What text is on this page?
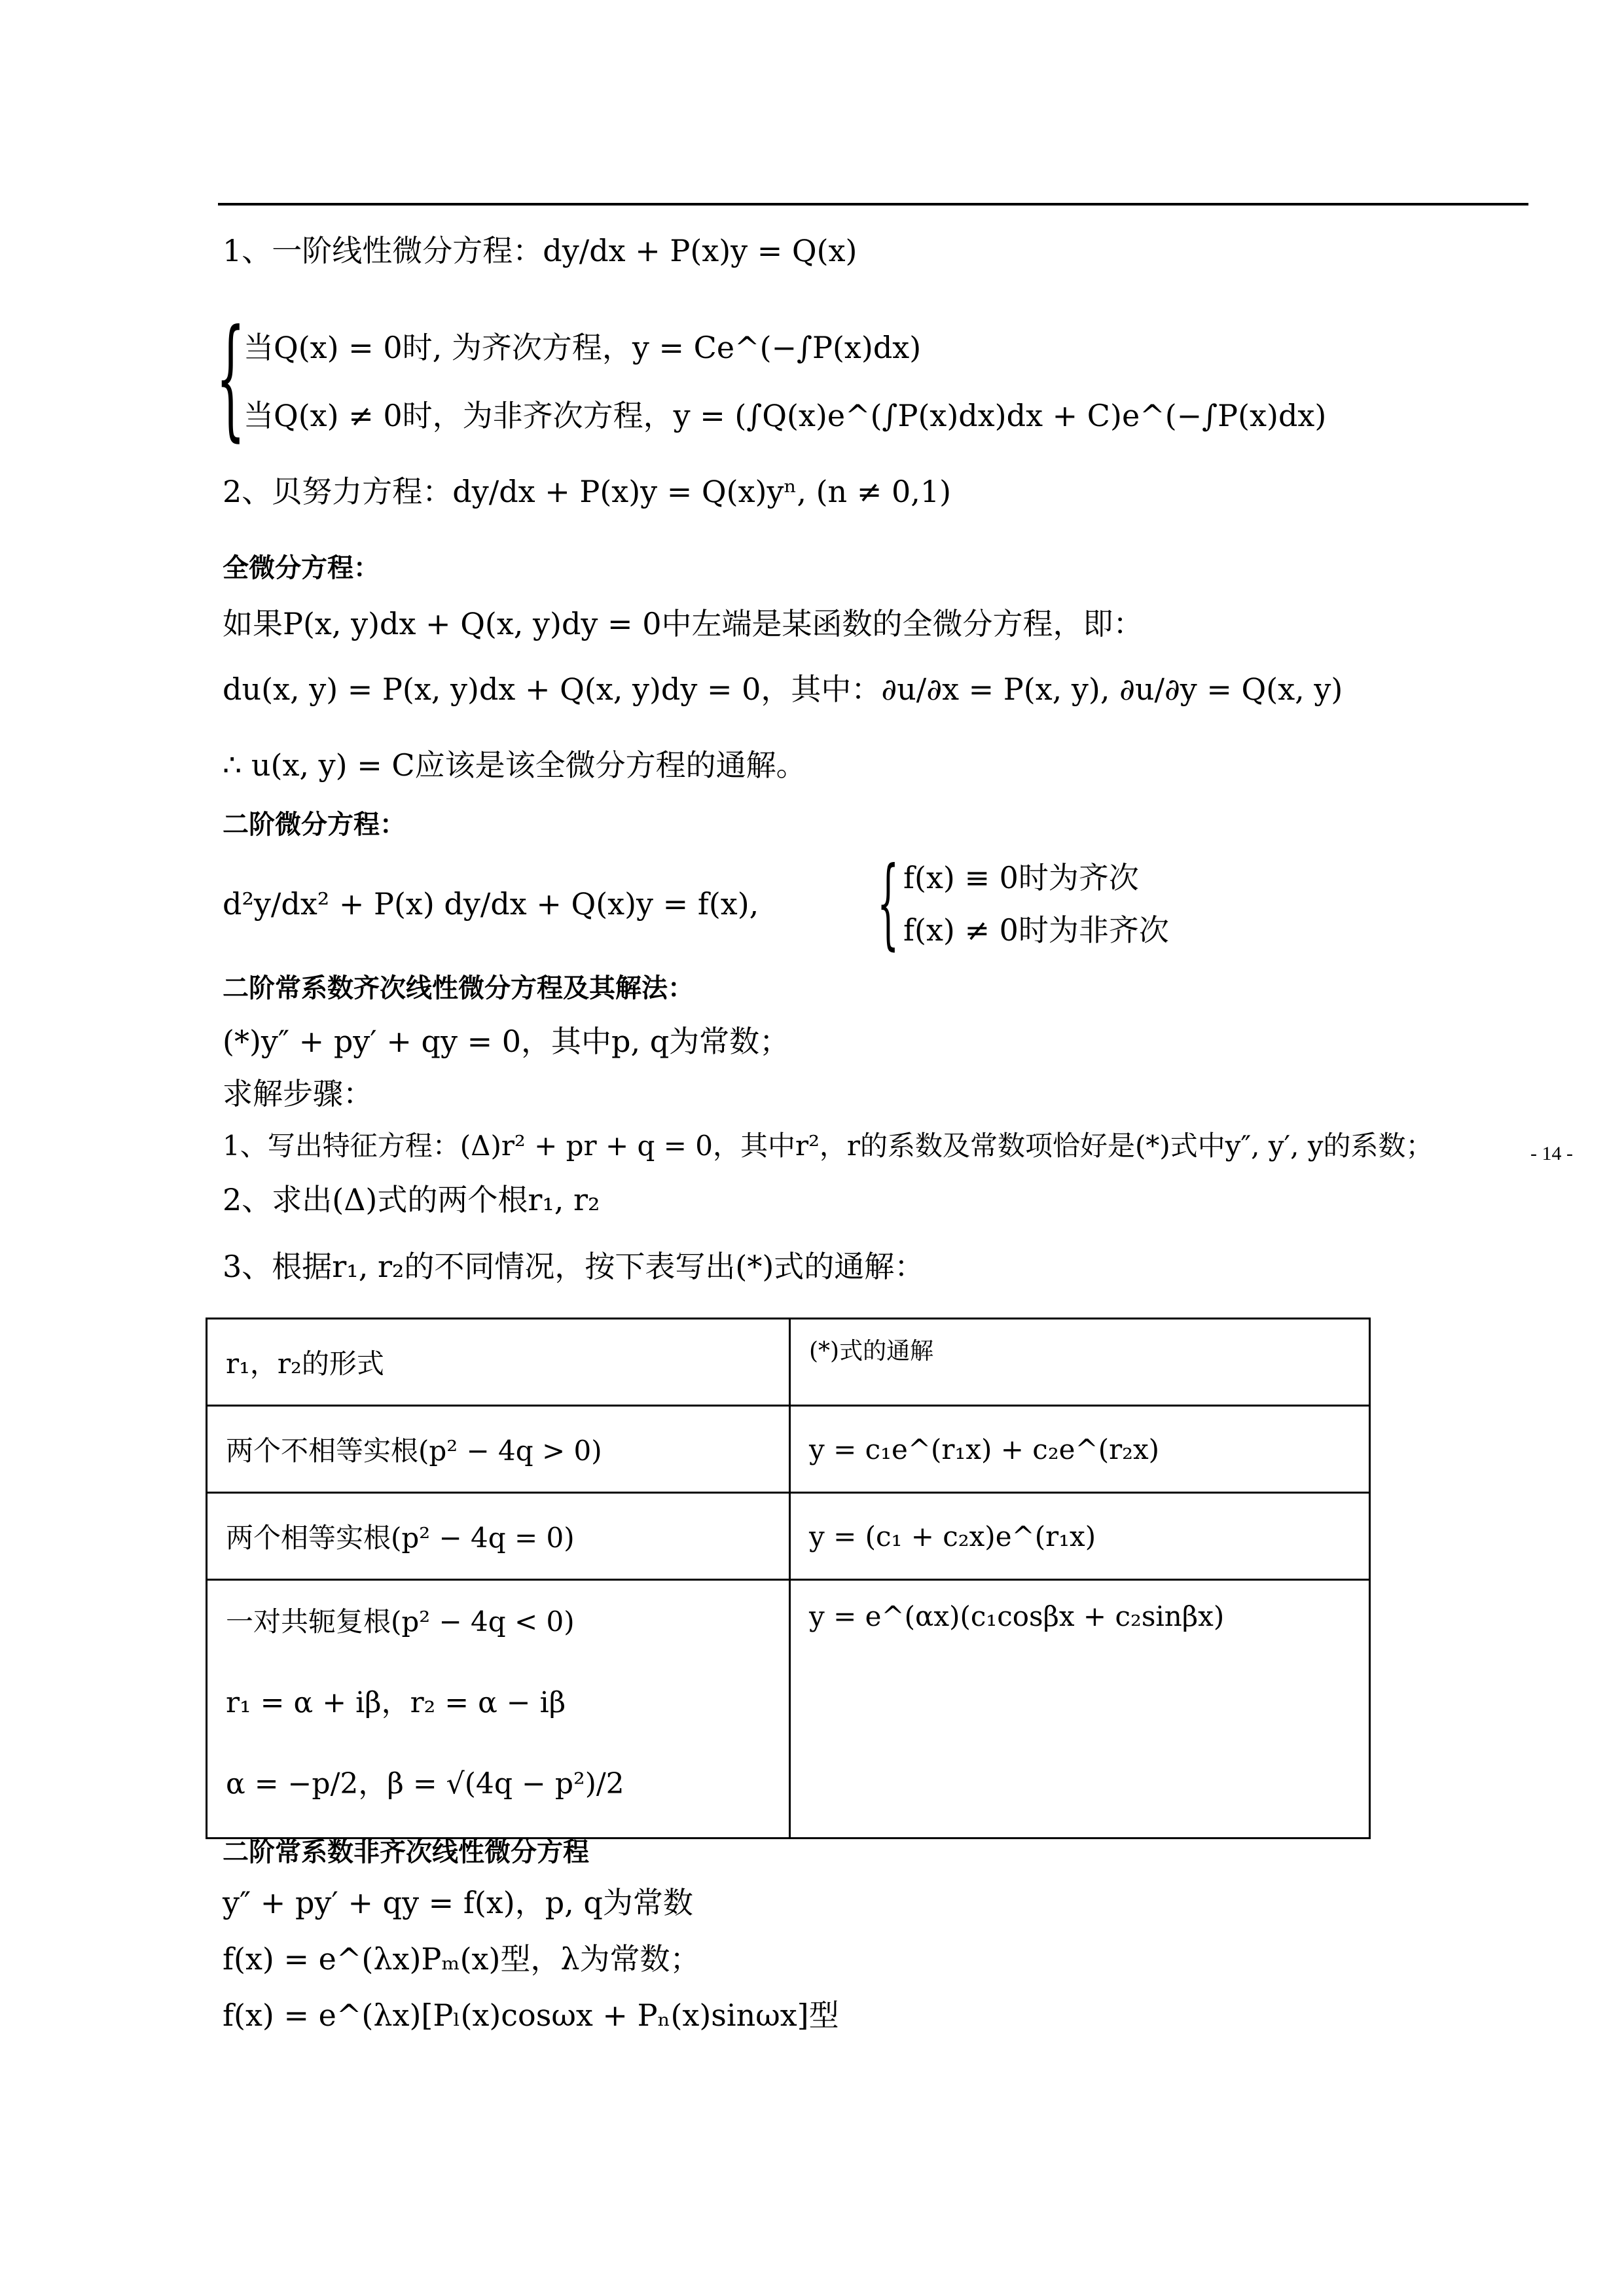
1、一阶线性微分方程：dy/dx + P(x)y = Q(x)
{
当Q(x) = 0时, 为齐次方程，y = Ce^(−∫P(x)dx)
当Q(x) ≠ 0时，为非齐次方程，y = (∫Q(x)e^(∫P(x)dx)dx + C)e^(−∫P(x)dx)
2、贝努力方程：dy/dx + P(x)y = Q(x)yⁿ, (n ≠ 0,1)
全微分方程：
如果P(x, y)dx + Q(x, y)dy = 0中左端是某函数的全微分方程，即：
du(x, y) = P(x, y)dx + Q(x, y)dy = 0，其中：∂u/∂x = P(x, y), ∂u/∂y = Q(x, y)
∴ u(x, y) = C应该是该全微分方程的通解。
二阶微分方程：
d²y/dx² + P(x) dy/dx + Q(x)y = f(x), { f(x) ≡ 0时为齐次
f(x) ≠ 0时为非齐次
二阶常系数齐次线性微分方程及其解法：
(*)y″ + py′ + qy = 0，其中p, q为常数；
求解步骤：
1、写出特征方程：(Δ)r² + pr + q = 0，其中r²，r的系数及常数项恰好是(*)式中y″, y′, y的系数；	- 14 -
2、求出(Δ)式的两个根r₁, r₂
3、根据r₁, r₂的不同情况，按下表写出(*)式的通解：
r₁，r₂的形式	(*)式的通解
两个不相等实根(p² − 4q > 0)	y = c₁e^(r₁x) + c₂e^(r₂x)
两个相等实根(p² − 4q = 0)	y = (c₁ + c₂x)e^(r₁x)

一对共轭复根(p² − 4q < 0)
r₁ = α + iβ，r₂ = α − iβ
α = −p/2，β = √(4q − p²)/2	y = e^(αx)(c₁cosβx + c₂sinβx)
二阶常系数非齐次线性微分方程
y″ + py′ + qy = f(x)，p, q为常数
f(x) = e^(λx)Pₘ(x)型，λ为常数；
f(x) = e^(λx)[Pₗ(x)cosωx + Pₙ(x)sinωx]型
